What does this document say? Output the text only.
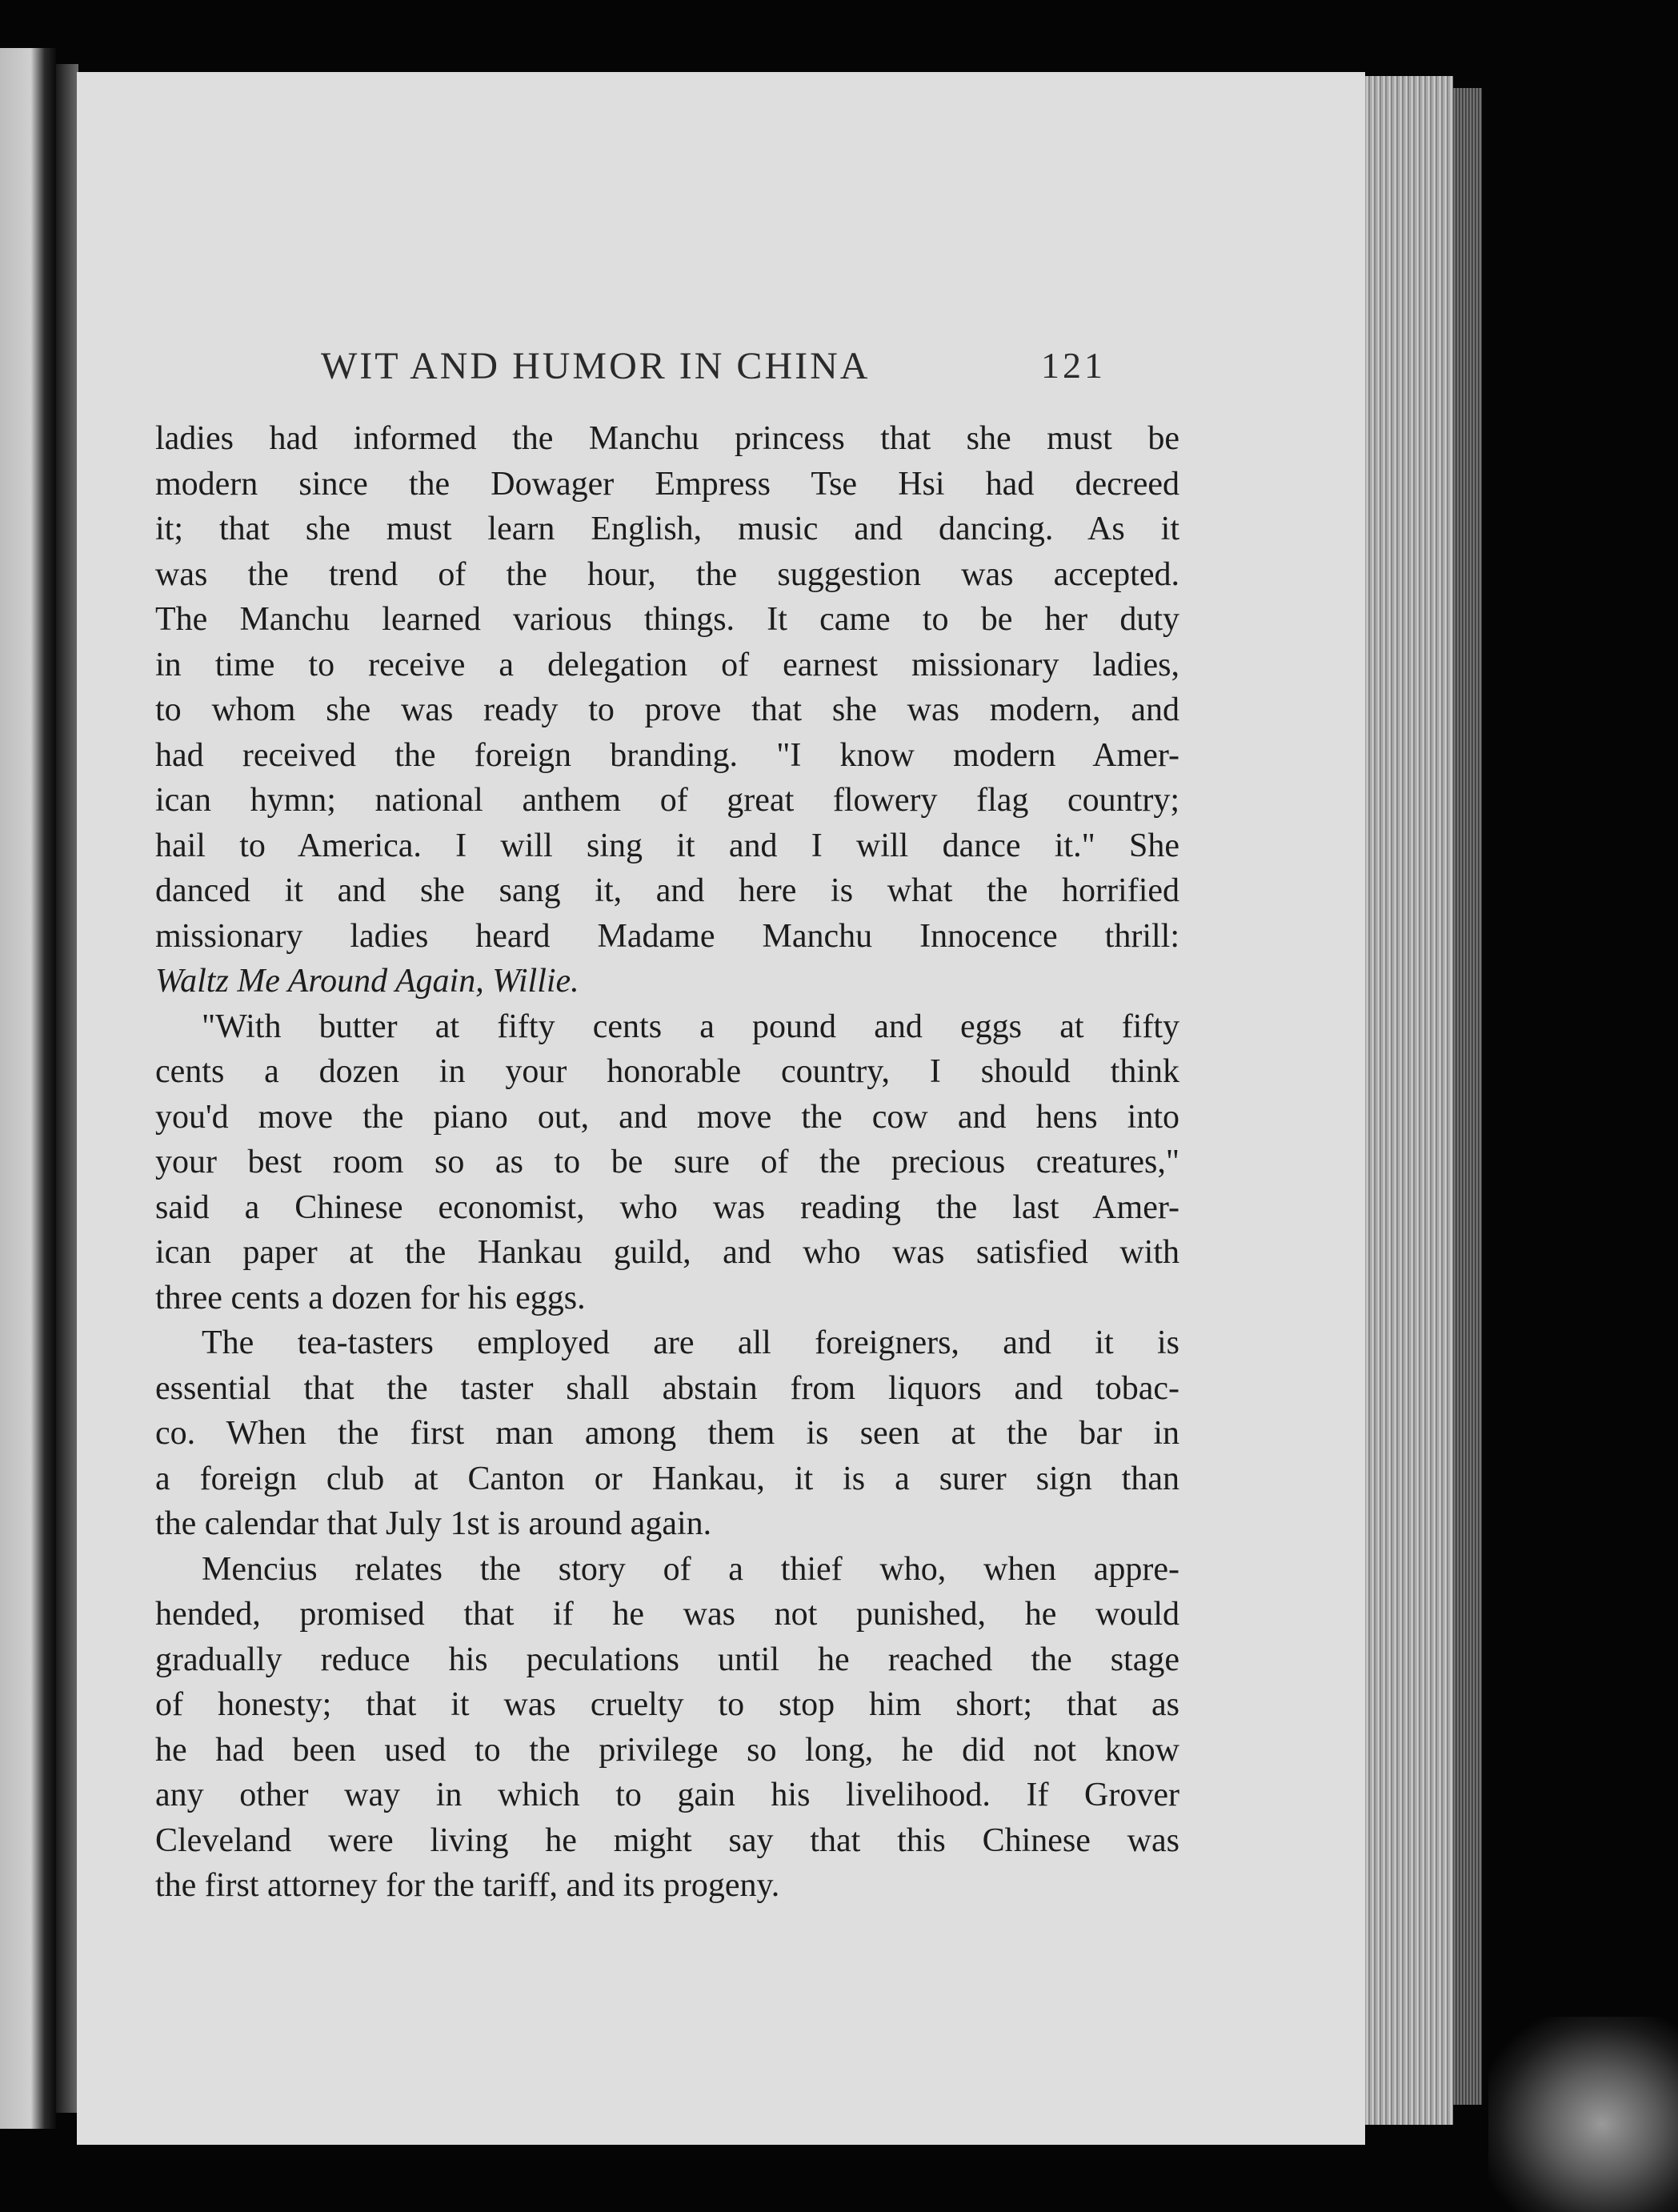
WIT AND HUMOR IN CHINA	121
ladies had informed the Manchu princess that she must be
modern since the Dowager Empress Tse Hsi had decreed
it; that she must learn English, music and dancing. As it
was the trend of the hour, the suggestion was accepted.
The Manchu learned various things. It came to be her duty
in time to receive a delegation of earnest missionary ladies,
to whom she was ready to prove that she was modern, and
had received the foreign branding. "I know modern Amer-
ican hymn; national anthem of great flowery flag country;
hail to America. I will sing it and I will dance it." She
danced it and she sang it, and here is what the horrified
missionary ladies heard Madame Manchu Innocence thrill:
Waltz Me Around Again, Willie.
"With butter at fifty cents a pound and eggs at fifty
cents a dozen in your honorable country, I should think
you'd move the piano out, and move the cow and hens into
your best room so as to be sure of the precious creatures,"
said a Chinese economist, who was reading the last Amer-
ican paper at the Hankau guild, and who was satisfied with
three cents a dozen for his eggs.
The tea-tasters employed are all foreigners, and it is
essential that the taster shall abstain from liquors and tobac-
co. When the first man among them is seen at the bar in
a foreign club at Canton or Hankau, it is a surer sign than
the calendar that July 1st is around again.
Mencius relates the story of a thief who, when appre-
hended, promised that if he was not punished, he would
gradually reduce his peculations until he reached the stage
of honesty; that it was cruelty to stop him short; that as
he had been used to the privilege so long, he did not know
any other way in which to gain his livelihood. If Grover
Cleveland were living he might say that this Chinese was
the first attorney for the tariff, and its progeny.
